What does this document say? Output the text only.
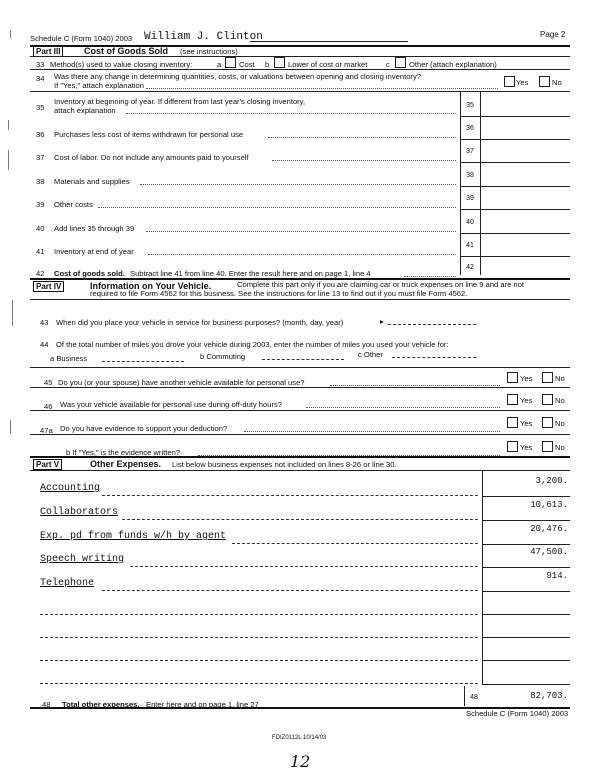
Schedule C (Form 1040) 2003 William J. Clinton	Page 2
Part III	Cost of Goods Sold (see instructions)
33 Method(s) used to value closing inventory:	a Cost b Lower of cost or market c	Other (attach explanation)
34 Was there any change in determining quantities, costs, or valuations between opening and closing inventory?
If "Yes," attach explanation	Yes	No
35
Inventory at beginning of year. If different from last year's closing inventory,
attach explanation
35
36 Purchases less cost of items withdrawn for personal use
36
37 Cost of labor. Do not include any amounts paid to yourself
37
38 Materials and supplies
38
39 Other costs
39
40 Add lines 35 through 39
40
41 Inventory at end of year
41
42 Cost of goods sold. Subtract line 41 from line 40. Enter the result here and on page 1, line 4
42
Part IV	Information on Your Vehicle.	Complete this part only if you are claiming car or truck expenses on line 9 and are not
required to file Form 4562 for this business. See the instructions for line 13 to find out if you must file Form 4562.
43 When did you place your vehicle in service for business purposes? (month, day, year)	▸
44 Of the total number of miles you drove your vehicle during 2003, enter the number of miles you used your vehicle for:
a Business	b Commuting	c Other
45 Do you (or your spouse) have another vehicle available for personal use?	Yes	No
46 Was your vehicle available for personal use during off-duty hours?	Yes	No
47a Do you have evidence to support your deduction?
Yes	No
b If "Yes," is the evidence written?
Yes	No
Part V	Other Expenses. List below business expenses not included on lines 8-26 or line 30.
Accounting
3,200.
Collaborators
10,613.
Exp. pd from funds w/h by agent
20,476.
Speech writing
47,500.
Telephone
914.
48 Total other expenses. Enter here and on page 1, line 27
48	82,703.
Schedule C (Form 1040) 2003
FDIZ0112L 10/14/03
12
